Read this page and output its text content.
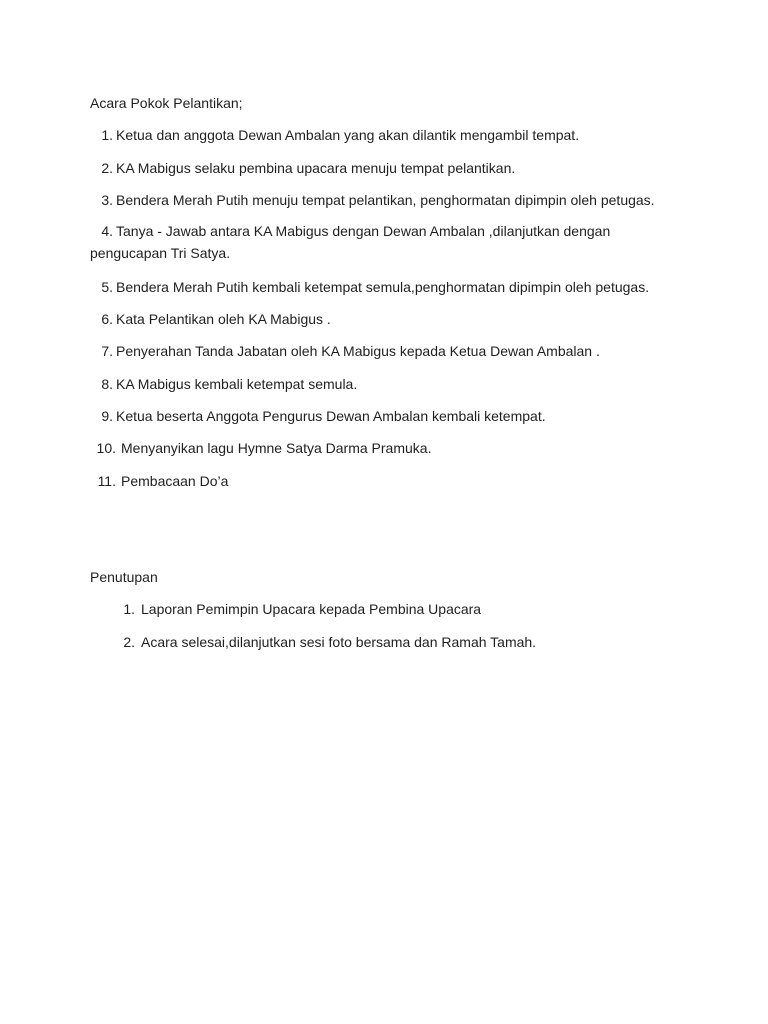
Acara Pokok Pelantikan;
1. Ketua dan anggota Dewan Ambalan yang akan dilantik mengambil tempat.
2. KA Mabigus selaku pembina upacara menuju tempat pelantikan.
3. Bendera Merah Putih menuju tempat pelantikan, penghormatan dipimpin oleh petugas.
4. Tanya - Jawab antara KA Mabigus dengan Dewan Ambalan ,dilanjutkan dengan pengucapan Tri Satya.
5. Bendera Merah Putih kembali ketempat semula,penghormatan dipimpin oleh petugas.
6. Kata Pelantikan oleh KA Mabigus .
7. Penyerahan Tanda Jabatan oleh KA Mabigus kepada Ketua Dewan Ambalan .
8. KA Mabigus kembali ketempat semula.
9. Ketua beserta Anggota Pengurus Dewan Ambalan kembali ketempat.
10. Menyanyikan lagu Hymne Satya Darma Pramuka.
11. Pembacaan Do’a
Penutupan
1. Laporan Pemimpin Upacara kepada Pembina Upacara
2. Acara selesai,dilanjutkan sesi foto bersama dan Ramah Tamah.
